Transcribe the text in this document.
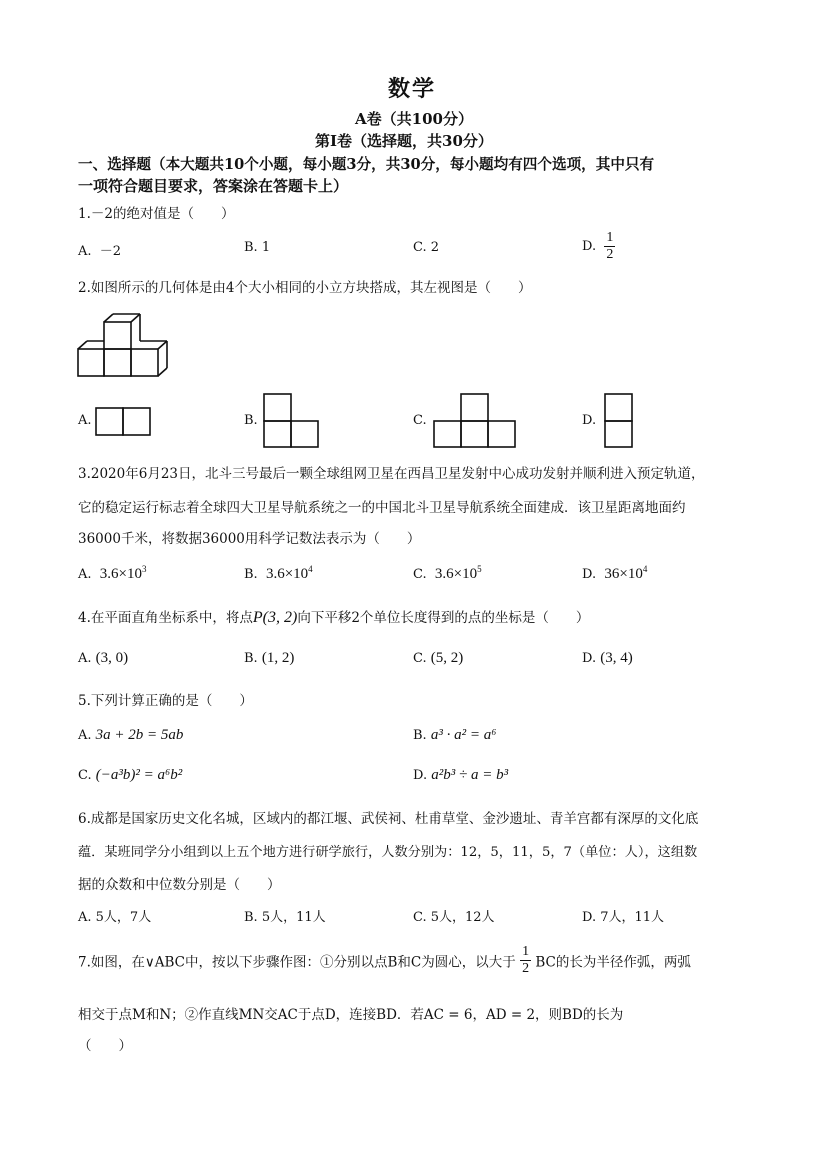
数学
A卷（共100分）
第Ⅰ卷（选择题，共30分）
一、选择题（本大题共10个小题，每小题3分，共30分，每小题均有四个选项，其中只有
一项符合题目要求，答案涂在答题卡上）
1.－2的绝对值是（　　）
A. －2	B. 1	C. 2	D. $\frac{1}{2}$
2.如图所示的几何体是由4个大小相同的小立方块搭成，其左视图是（　　）
A.	B.	C.	D.
3.2020年6月23日，北斗三号最后一颗全球组网卫星在西昌卫星发射中心成功发射并顺利进入预定轨道，
它的稳定运行标志着全球四大卫星导航系统之一的中国北斗卫星导航系统全面建成．该卫星距离地面约
36000千米，将数据36000用科学记数法表示为（　　）
A. $3.6\times 10^3$	B. $3.6\times 10^4$	C. $3.6\times 10^5$	D. $36\times 10^4$
4.在平面直角坐标系中，将点P(3, 2)向下平移2个单位长度得到的点的坐标是（　　）
A. (3, 0)	B. (1, 2)	C. (5, 2)	D. (3, 4)
5.下列计算正确的是（　　）
A. 3a + 2b = 5ab	B. a³ · a² = a⁶
C. (−a³b)² = a⁶b²	D. a²b³ ÷ a = b³
6.成都是国家历史文化名城，区域内的都江堰、武侯祠、杜甫草堂、金沙遗址、青羊宫都有深厚的文化底
蕴．某班同学分小组到以上五个地方进行研学旅行，人数分别为：12，5，11，5，7（单位：人），这组数
据的众数和中位数分别是（　　）
A. 5人，7人	B. 5人，11人	C. 5人，12人	D. 7人，11人
7.如图，在∨ABC中，按以下步骤作图：①分别以点B和C为圆心，以大于 $\frac{1}{2}$ BC的长为半径作弧，两弧
相交于点M和N；②作直线MN交AC于点D，连接BD．若AC = 6，AD = 2，则BD的长为
（　　）
